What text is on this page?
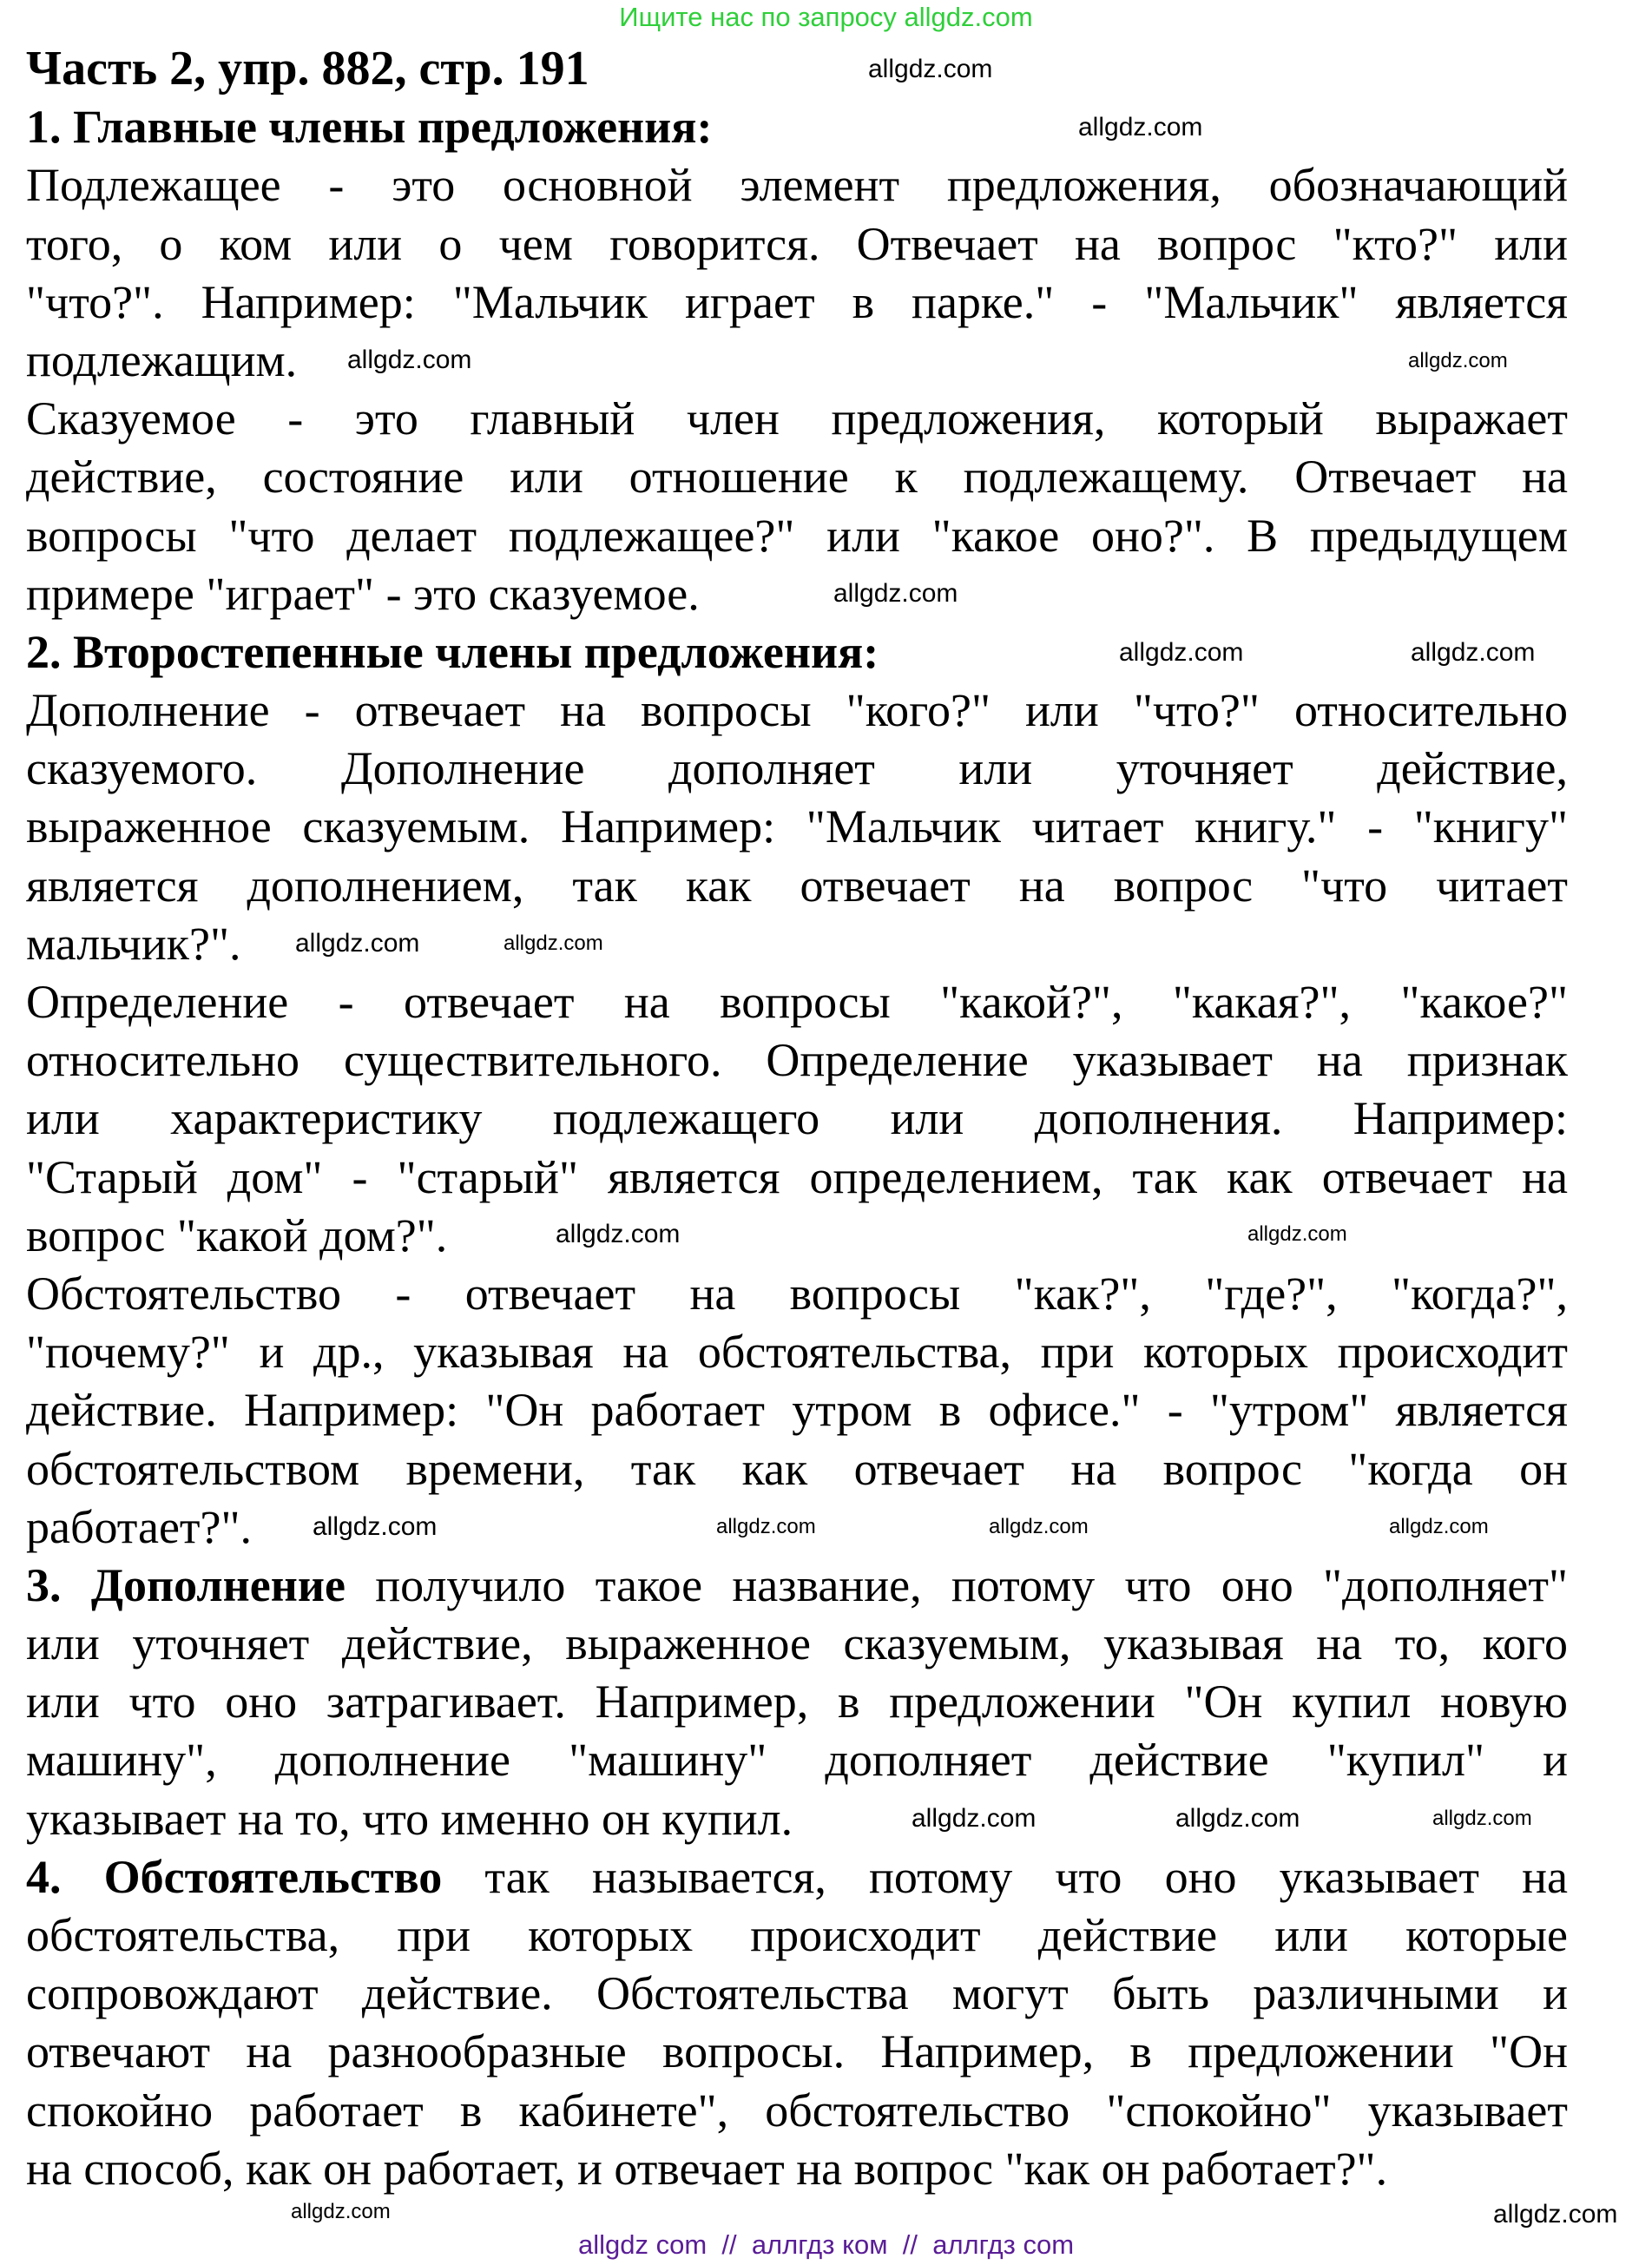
Ищите нас по запросу allgdz.com
Часть 2, упр. 882, стр. 191
1. Главные члены предложения:
Подлежащее - это основной элемент предложения, обозначающий
того, о ком или о чем говорится. Отвечает на вопрос "кто?" или
"что?". Например: "Мальчик играет в парке." - "Мальчик" является
подлежащим.
Сказуемое - это главный член предложения, который выражает
действие, состояние или отношение к подлежащему. Отвечает на
вопросы "что делает подлежащее?" или "какое оно?". В предыдущем
примере "играет" - это сказуемое.
2. Второстепенные члены предложения:
Дополнение - отвечает на вопросы "кого?" или "что?" относительно
сказуемого. Дополнение дополняет или уточняет действие,
выраженное сказуемым. Например: "Мальчик читает книгу." - "книгу"
является дополнением, так как отвечает на вопрос "что читает
мальчик?".
Определение - отвечает на вопросы "какой?", "какая?", "какое?"
относительно существительного. Определение указывает на признак
или характеристику подлежащего или дополнения. Например:
"Старый дом" - "старый" является определением, так как отвечает на
вопрос "какой дом?".
Обстоятельство - отвечает на вопросы "как?", "где?", "когда?",
"почему?" и др., указывая на обстоятельства, при которых происходит
действие. Например: "Он работает утром в офисе." - "утром" является
обстоятельством времени, так как отвечает на вопрос "когда он
работает?".
3. Дополнение получило такое название, потому что оно "дополняет"
или уточняет действие, выраженное сказуемым, указывая на то, кого
или что оно затрагивает. Например, в предложении "Он купил новую
машину", дополнение "машину" дополняет действие "купил" и
указывает на то, что именно он купил.
4. Обстоятельство так называется, потому что оно указывает на
обстоятельства, при которых происходит действие или которые
сопровождают действие. Обстоятельства могут быть различными и
отвечают на разнообразные вопросы. Например, в предложении "Он
спокойно работает в кабинете", обстоятельство "спокойно" указывает
на способ, как он работает, и отвечает на вопрос "как он работает?".
allgdz.com
allgdz.com
allgdz.com	allgdz.com
allgdz.com
allgdz.com	allgdz.com
allgdz.com	allgdz.com
allgdz.com	allgdz.com
allgdz.com	allgdz.com	allgdz.com	allgdz.com
allgdz.com	allgdz.com	allgdz.com
allgdz.com	allgdz.com
allgdz com  //  аллгдз ком  //  аллгдз com
